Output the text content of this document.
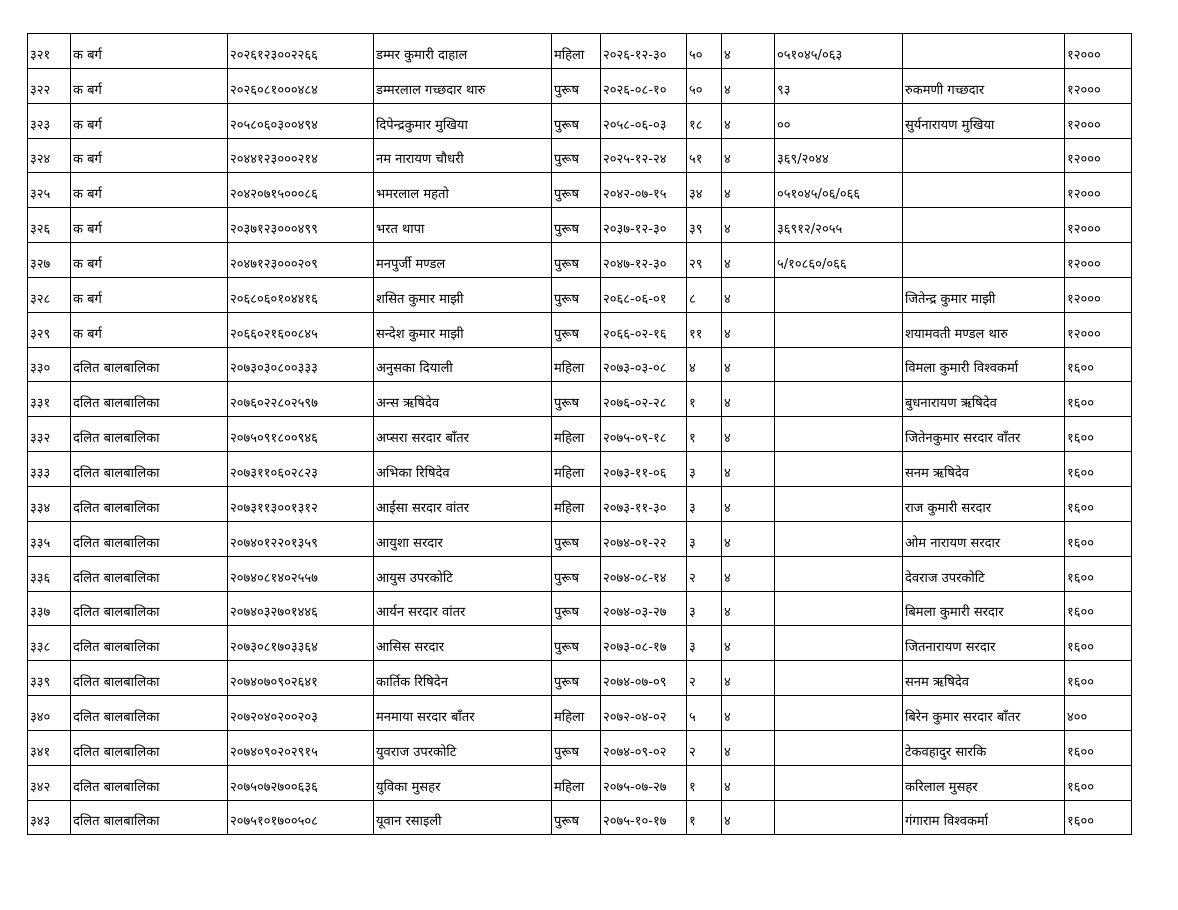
३२१	क बर्ग	२०२६१२३००२२६६	डम्मर कुमारी दाहाल	महिला	२०२६-१२-३०	५०	४	०५१०४५/०६३		१२०००
३२२	क बर्ग	२०२६०८१०००४८४	डम्मरलाल गच्छदार थारु	पुरूष	२०२६-०८-१०	५०	४	९३	रुकमणी गच्छदार	१२०००
३२३	क बर्ग	२०५८०६०३००४९४	दिपेन्द्रकुमार मुखिया	पुरूष	२०५८-०६-०३	१८	४	००	सुर्यनारायण मुखिया	१२०००
३२४	क बर्ग	२०४४१२३०००२१४	नम नारायण चौधरी	पुरूष	२०२५-१२-२४	५१	४	३६९/२०४४		१२०००
३२५	क बर्ग	२०४२०७१५०००८६	भमरलाल महतो	पुरूष	२०४२-०७-१५	३४	४	०५१०४५/०६/०६६		१२०००
३२६	क बर्ग	२०३७१२३०००४९९	भरत थापा	पुरूष	२०३७-१२-३०	३९	४	३६९१२/२०५५		१२०००
३२७	क बर्ग	२०४७१२३०००२०९	मनपुर्जी मण्डल	पुरूष	२०४७-१२-३०	२९	४	५/१०८६०/०६६		१२०००
३२८	क बर्ग	२०६८०६०१०४४१६	शसित कुमार माझी	पुरूष	२०६८-०६-०१	८	४		जितेन्द्र कुमार माझी	१२०००
३२९	क बर्ग	२०६६०२१६००८४५	सन्देश कुमार माझी	पुरूष	२०६६-०२-१६	११	४		शयामवती मण्डल थारु	१२०००
३३०	दलित बालबालिका	२०७३०३०८००३३३	अनुसका दियाली	महिला	२०७३-०३-०८	४	४		विमला कुमारी विश्वकर्मा	१६००
३३१	दलित बालबालिका	२०७६०२२८०२५९७	अन्स ऋषिदेव	पुरूष	२०७६-०२-२८	१	४		बुधनारायण ऋषिदेव	१६००
३३२	दलित बालबालिका	२०७५०९१८००९४६	अप्सरा सरदार बाँतर	महिला	२०७५-०९-१८	१	४		जितेनकुमार सरदार वाँतर	१६००
३३३	दलित बालबालिका	२०७३११०६०२८२३	अभिका रिषिदेव	महिला	२०७३-११-०६	३	४		सनम ऋषिदेव	१६००
३३४	दलित बालबालिका	२०७३११३००१३१२	आईसा सरदार वांतर	महिला	२०७३-११-३०	३	४		राज कुमारी सरदार	१६००
३३५	दलित बालबालिका	२०७४०१२२०१३५९	आयुशा सरदार	पुरूष	२०७४-०१-२२	३	४		ओम नारायण सरदार	१६००
३३६	दलित बालबालिका	२०७४०८१४०२५५७	आयुस उपरकोटि	पुरूष	२०७४-०८-१४	२	४		देवराज उपरकोटि	१६००
३३७	दलित बालबालिका	२०७४०३२७०१४४६	आर्यन सरदार वांतर	पुरूष	२०७४-०३-२७	३	४		बिमला कुमारी सरदार	१६००
३३८	दलित बालबालिका	२०७३०८१७०३३६४	आसिस सरदार	पुरूष	२०७३-०८-१७	३	४		जितनारायण सरदार	१६००
३३९	दलित बालबालिका	२०७४०७०९०२६४१	कार्तिक रिषिदेन	पुरूष	२०७४-०७-०९	२	४		सनम ऋषिदेव	१६००
३४०	दलित बालबालिका	२०७२०४०२००२०३	मनमाया सरदार बाँतर	महिला	२०७२-०४-०२	५	४		बिरेन कुमार सरदार बाँतर	४००
३४१	दलित बालबालिका	२०७४०९०२०२९१५	युवराज उपरकोटि	पुरूष	२०७४-०९-०२	२	४		टेकवहादुर सारकि	१६००
३४२	दलित बालबालिका	२०७५०७२७००६३६	युविका मुसहर	महिला	२०७५-०७-२७	१	४		करिलाल मुसहर	१६००
३४३	दलित बालबालिका	२०७५१०१७००५०८	यूवान रसाइली	पुरूष	२०७५-१०-१७	१	४		गंगाराम विश्वकर्मा	१६००
